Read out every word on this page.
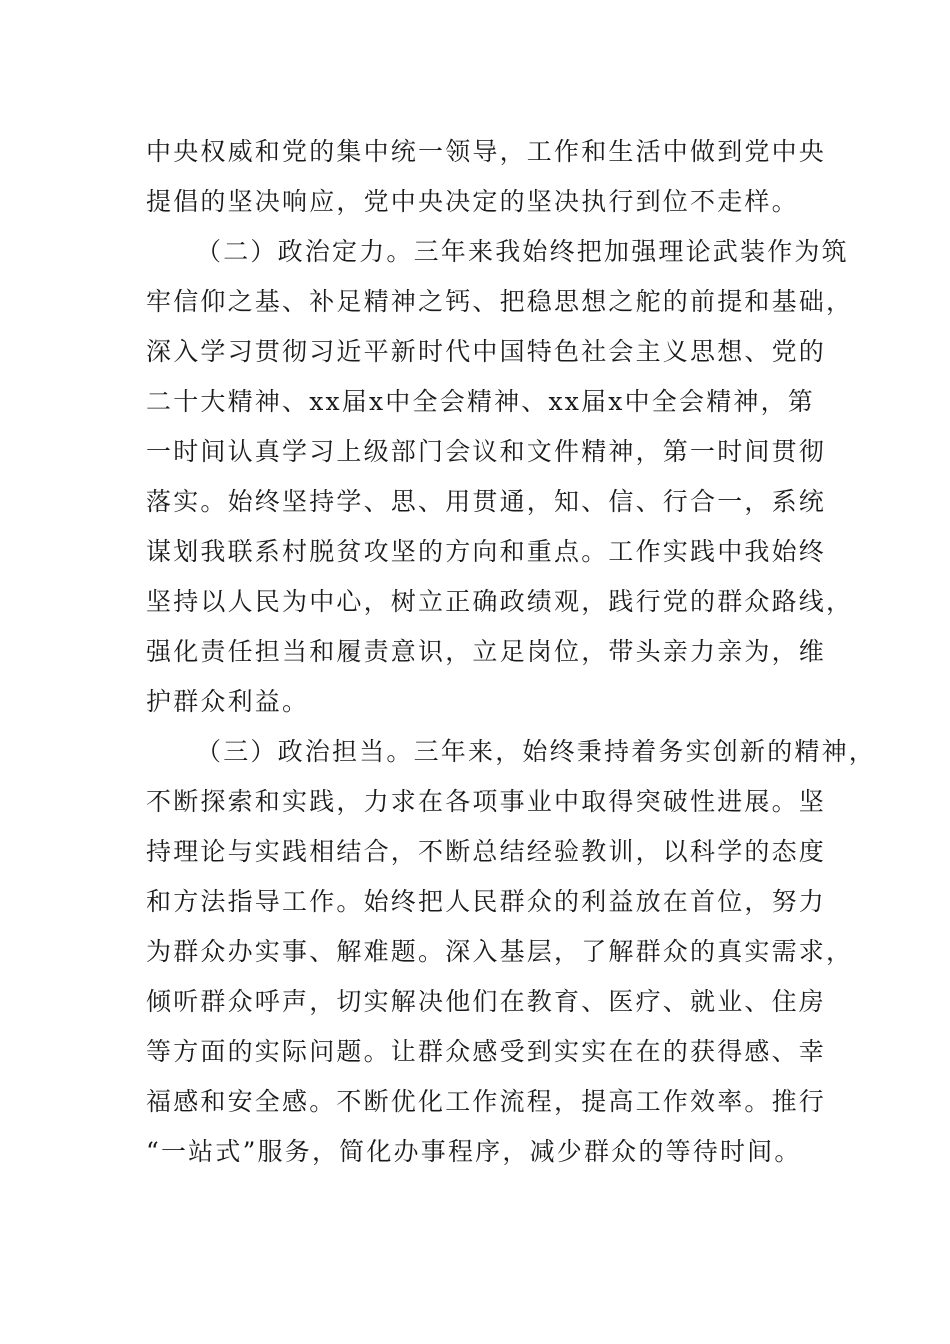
中央权威和党的集中统一领导，工作和生活中做到党中央
提倡的坚决响应，党中央决定的坚决执行到位不走样。
（二）政治定力。三年来我始终把加强理论武装作为筑
牢信仰之基、补足精神之钙、把稳思想之舵的前提和基础，
深入学习贯彻习近平新时代中国特色社会主义思想、党的
二十大精神、xx届x中全会精神、xx届x中全会精神，第
一时间认真学习上级部门会议和文件精神，第一时间贯彻
落实。始终坚持学、思、用贯通，知、信、行合一，系统
谋划我联系村脱贫攻坚的方向和重点。工作实践中我始终
坚持以人民为中心，树立正确政绩观，践行党的群众路线，
强化责任担当和履责意识，立足岗位，带头亲力亲为，维
护群众利益。
（三）政治担当。三年来，始终秉持着务实创新的精神，
不断探索和实践，力求在各项事业中取得突破性进展。坚
持理论与实践相结合，不断总结经验教训，以科学的态度
和方法指导工作。始终把人民群众的利益放在首位，努力
为群众办实事、解难题。深入基层，了解群众的真实需求，
倾听群众呼声，切实解决他们在教育、医疗、就业、住房
等方面的实际问题。让群众感受到实实在在的获得感、幸
福感和安全感。不断优化工作流程，提高工作效率。推行
“一站式”服务，简化办事程序，减少群众的等待时间。
